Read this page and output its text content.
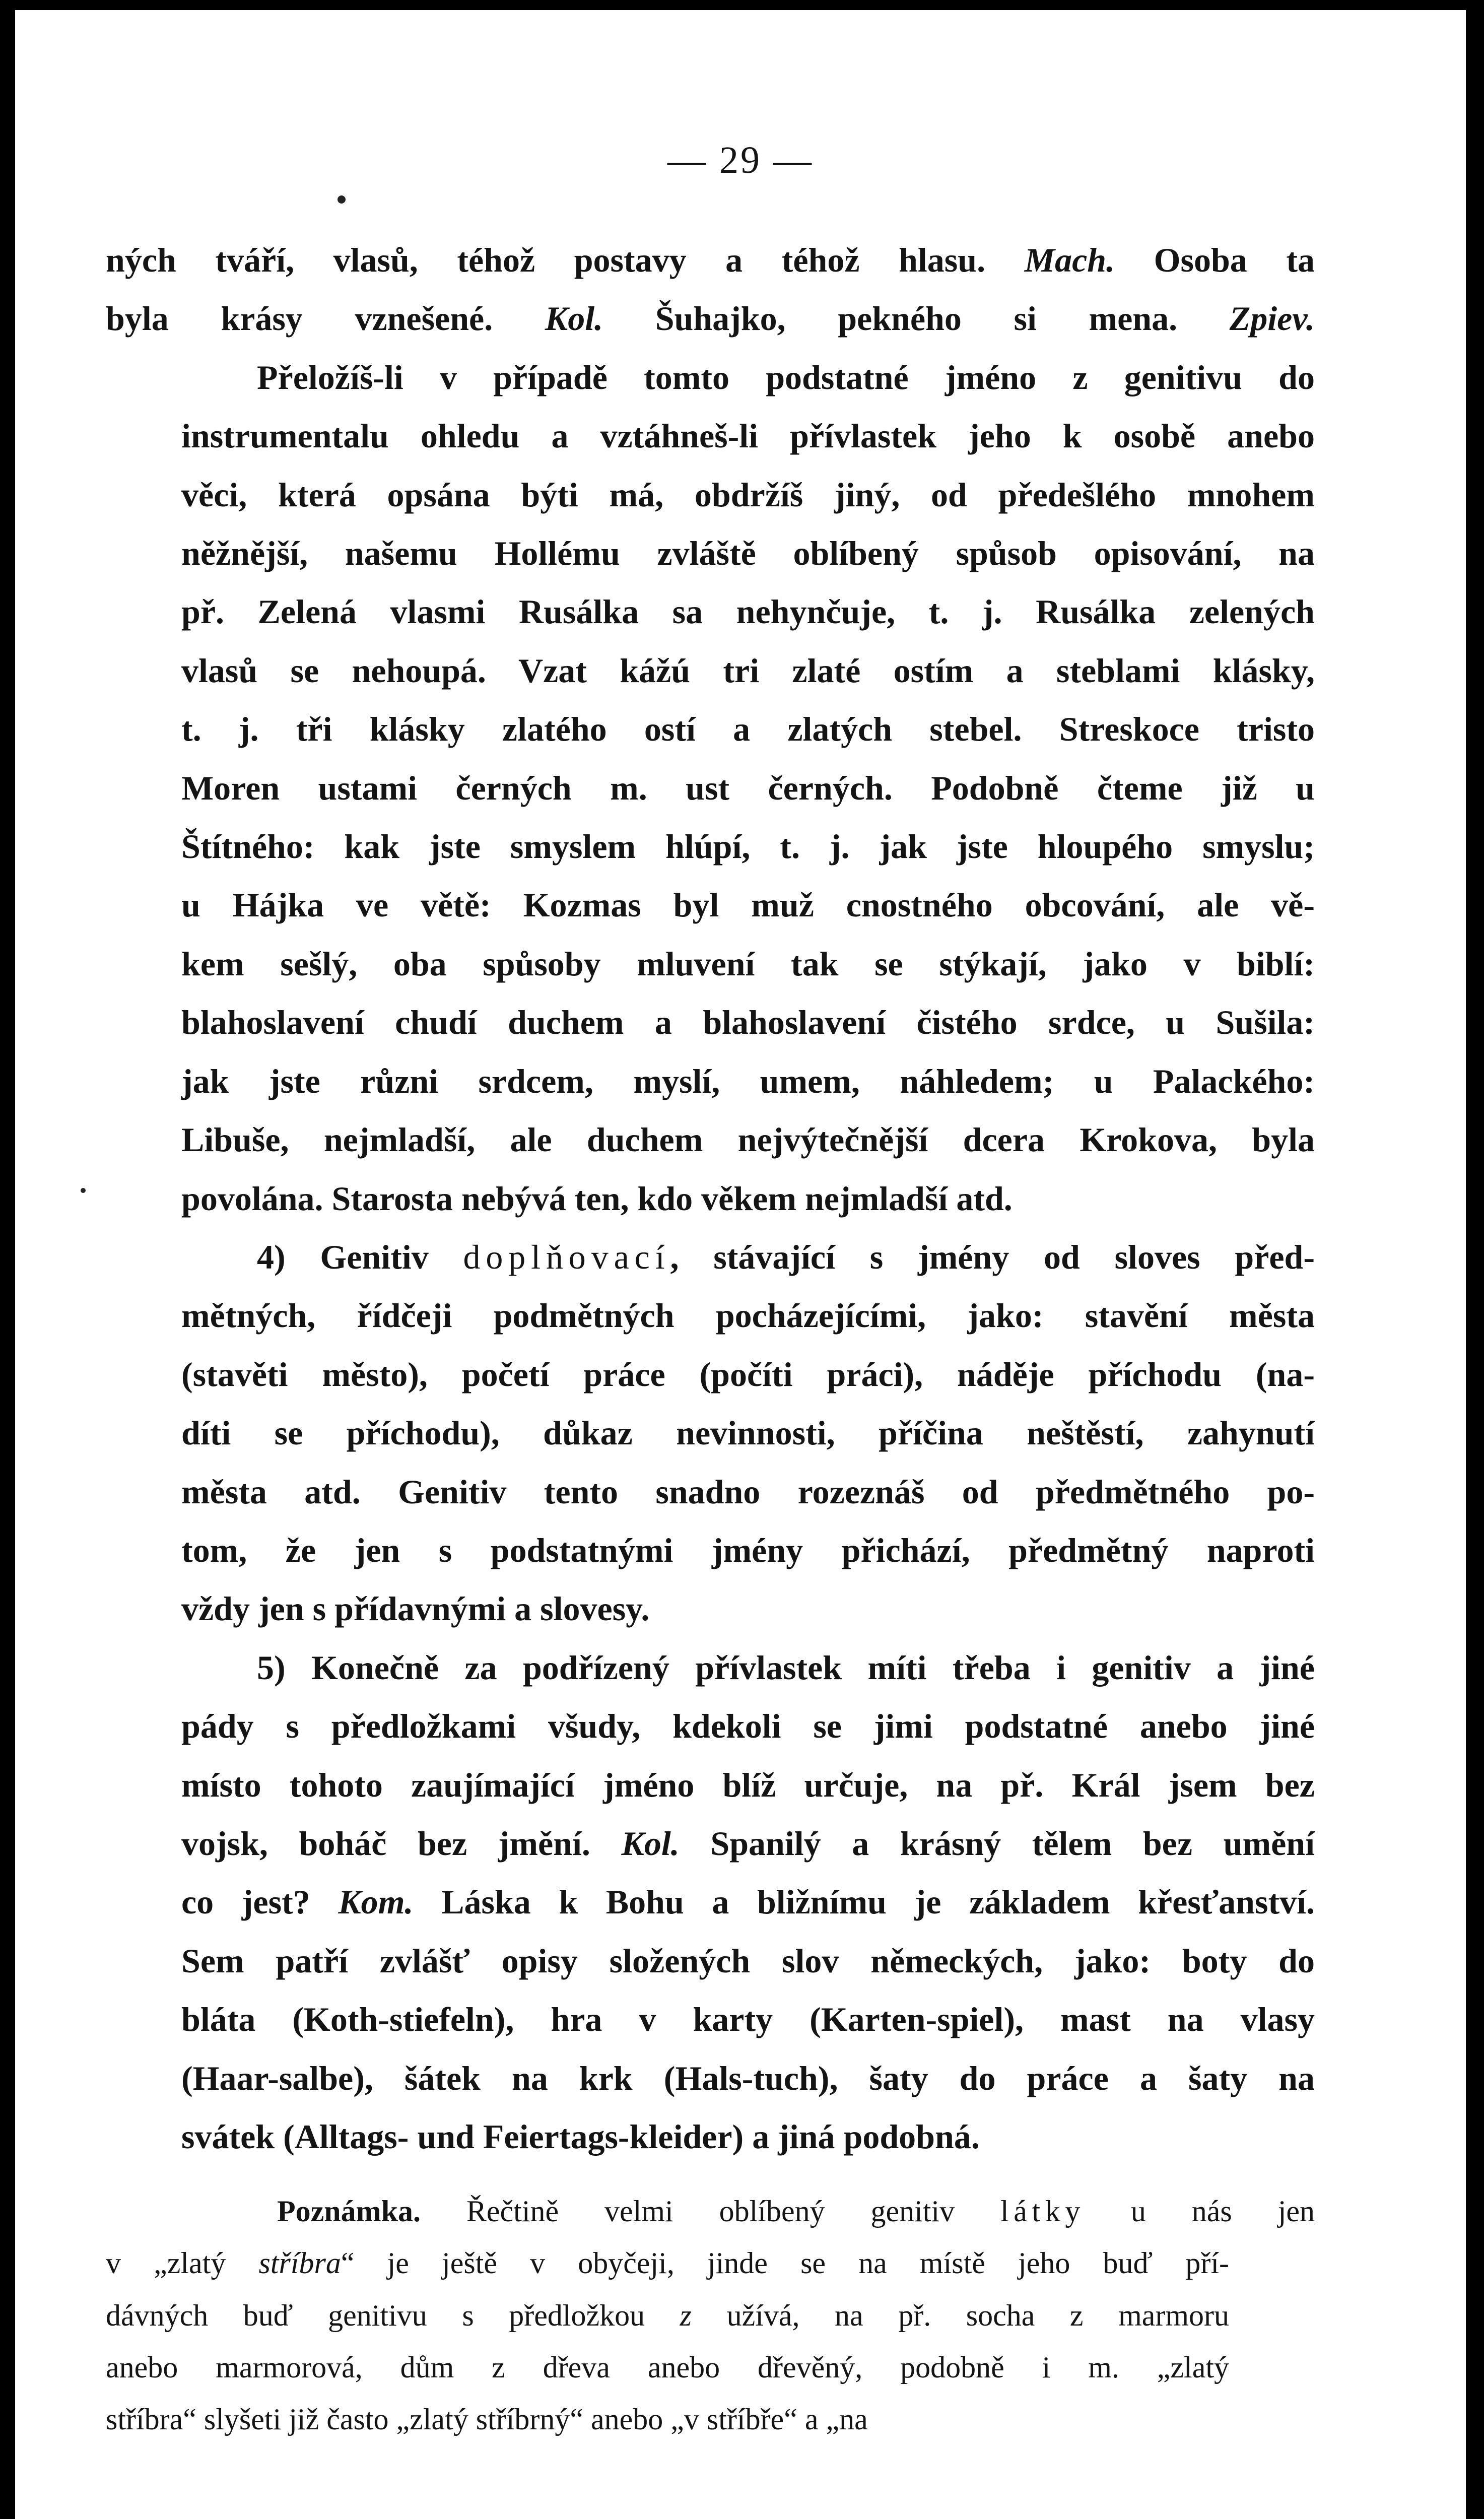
— 29 —

ných tváří, vlasů, téhož postavy a téhož hlasu. Mach. Osoba ta
byla krásy vznešené. Kol. Šuhajko, pekného si mena. Zpiev.

Přeložíš-li v případě tomto podstatné jméno z genitivu do
instrumentalu ohledu a vztáhneš-li přívlastek jeho k osobě anebo
věci, která opsána býti má, obdržíš jiný, od předešlého mnohem
něžnější, našemu Hollému zvláště oblíbený spůsob opisování, na
př. Zelená vlasmi Rusálka sa nehynčuje, t. j. Rusálka zelených
vlasů se nehoupá. Vzat kážú tri zlaté ostím a steblami klásky,
t. j. tři klásky zlatého ostí a zlatých stebel. Streskoce tristo
Moren ustami černých m. ust černých. Podobně čteme již u
Štítného: kak jste smyslem hlúpí, t. j. jak jste hloupého smyslu;
u Hájka ve větě: Kozmas byl muž cnostného obcování, ale vě-
kem sešlý, oba spůsoby mluvení tak se stýkají, jako v biblí:
blahoslavení chudí duchem a blahoslavení čistého srdce, u Sušila:
jak jste různi srdcem, myslí, umem, náhledem; u Palackého:
Libuše, nejmladší, ale duchem nejvýtečnější dcera Krokova, byla
povolána. Starosta nebývá ten, kdo věkem nejmladší atd.

4) Genitiv doplňovací, stávající s jmény od sloves před-
mětných, řídčeji podmětných pocházejícími, jako: stavění města
(stavěti město), početí práce (počíti práci), náděje příchodu (na-
díti se příchodu), důkaz nevinnosti, příčina neštěstí, zahynutí
města atd. Genitiv tento snadno rozeznáš od předmětného po-
tom, že jen s podstatnými jmény přichází, předmětný naproti
vždy jen s přídavnými a slovesy.

5) Konečně za podřízený přívlastek míti třeba i genitiv a jiné
pády s předložkami všudy, kdekoli se jimi podstatné anebo jiné
místo tohoto zaujímající jméno blíž určuje, na př. Král jsem bez
vojsk, boháč bez jmění. Kol. Spanilý a krásný tělem bez umění
co jest? Kom. Láska k Bohu a bližnímu je základem křesťanství.
Sem patří zvlášť opisy složených slov německých, jako: boty do
bláta (Koth-stiefeln), hra v karty (Karten-spiel), mast na vlasy
(Haar-salbe), šátek na krk (Hals-tuch), šaty do práce a šaty na
svátek (Alltags- und Feiertags-kleider) a jiná podobná.

Poznámka. Řečtině velmi oblíbený genitiv látky u nás jen
v „zlatý stříbra“ je ještě v obyčeji, jinde se na místě jeho buď pří-
dávných buď genitivu s předložkou z užívá, na př. socha z marmoru
anebo marmorová, dům z dřeva anebo dřevěný, podobně i m. „zlatý
stříbra“ slyšeti již často „zlatý stříbrný“ anebo „v stříbře“ a „na
